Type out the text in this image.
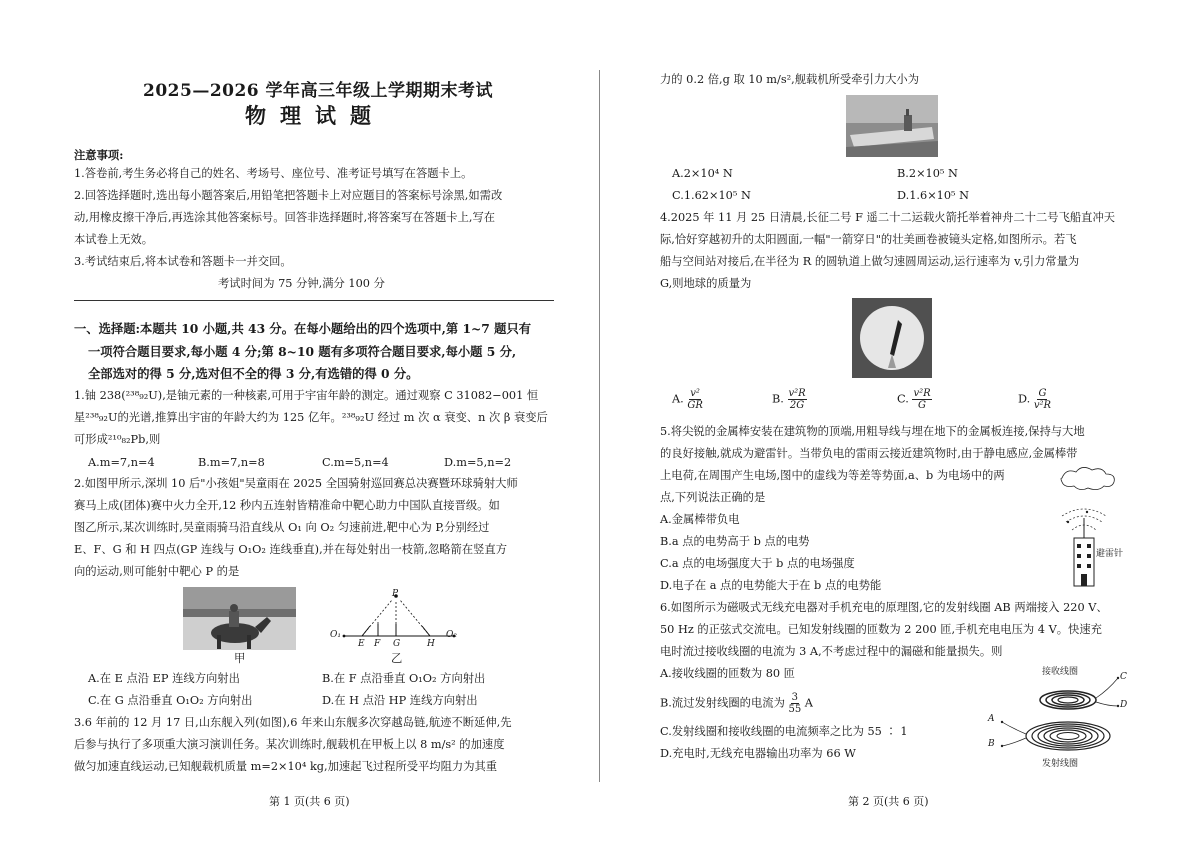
2025—2026 学年高三年级上学期期末考试
物理试题
注意事项:
1.答卷前,考生务必将自己的姓名、考场号、座位号、准考证号填写在答题卡上。
2.回答选择题时,选出每小题答案后,用铅笔把答题卡上对应题目的答案标号涂黑,如需改
动,用橡皮擦干净后,再选涂其他答案标号。回答非选择题时,将答案写在答题卡上,写在
本试卷上无效。
3.考试结束后,将本试卷和答题卡一并交回。
考试时间为 75 分钟,满分 100 分
一、选择题:本题共 10 小题,共 43 分。在每小题给出的四个选项中,第 1~7 题只有
一项符合题目要求,每小题 4 分;第 8~10 题有多项符合题目要求,每小题 5 分,
全部选对的得 5 分,选对但不全的得 3 分,有选错的得 0 分。
1.铀 238(²³⁸₉₂U),是铀元素的一种核素,可用于宇宙年龄的测定。通过观察 C 31082−001 恒
星²³⁸₉₂U的光谱,推算出宇宙的年龄大约为 125 亿年。²³⁸₉₂U 经过 m 次 α 衰变、n 次 β 衰变后
可形成²¹⁰₈₂Pb,则
A.m=7,n=4	B.m=7,n=8	C.m=5,n=4	D.m=5,n=2
2.如图甲所示,深圳 10 后"小孩姐"吴童雨在 2025 全国骑射巡回赛总决赛暨环球骑射大师
赛马上成(团体)赛中火力全开,12 秒内五连射皆精准命中靶心助力中国队直接晋级。如
图乙所示,某次训练时,吴童雨骑马沿直线从 O₁ 向 O₂ 匀速前进,靶中心为 P,分别经过
E、F、G 和 H 四点(GP 连线与 O₁O₂ 连线垂直),并在每处射出一枝箭,忽略箭在竖直方
向的运动,则可能射中靶心 P 的是
甲
P
O₁
E F G	H
O₂
乙
A.在 E 点沿 EP 连线方向射出	B.在 F 点沿垂直 O₁O₂ 方向射出
C.在 G 点沿垂直 O₁O₂ 方向射出	D.在 H 点沿 HP 连线方向射出
3.6 年前的 12 月 17 日,山东舰入列(如图),6 年来山东舰多次穿越岛链,航迹不断延伸,先
后参与执行了多项重大演习演训任务。某次训练时,舰载机在甲板上以 8 m/s² 的加速度
做匀加速直线运动,已知舰载机质量 m=2×10⁴ kg,加速起飞过程所受平均阻力为其重
第 1 页(共 6 页)
力的 0.2 倍,g 取 10 m/s²,舰载机所受牵引力大小为
A.2×10⁴ N	B.2×10⁵ N
C.1.62×10⁵ N	D.1.6×10⁵ N
4.2025 年 11 月 25 日清晨,长征二号 F 遥二十二运载火箭托举着神舟二十二号飞船直冲天
际,恰好穿越初升的太阳圆面,一幅"一箭穿日"的壮美画卷被镜头定格,如图所示。若飞
船与空间站对接后,在半径为 R 的圆轨道上做匀速圆周运动,运行速率为 v,引力常量为
G,则地球的质量为
A. $\frac{\text{v²}}{GR}$	B. $\frac{\text{v²R}}{2G}$	C. $\frac{\text{v²R}}{G}$	D. $\frac{G}{\text{v²R}}$
5.将尖锐的金属棒安装在建筑物的顶端,用粗导线与埋在地下的金属板连接,保持与大地
的良好接触,就成为避雷针。当带负电的雷雨云接近建筑物时,由于静电感应,金属棒带
上电荷,在周围产生电场,图中的虚线为等差等势面,a、b 为电场中的两
点,下列说法正确的是
A.金属棒带负电
B.a 点的电势高于 b 点的电势
C.a 点的电场强度大于 b 点的电场强度
D.电子在 a 点的电势能大于在 b 点的电势能
避雷针
6.如图所示为磁吸式无线充电器对手机充电的原理图,它的发射线圈 AB 两端接入 220 V、
50 Hz 的正弦式交流电。已知发射线圈的匝数为 2 200 匝,手机充电电压为 4 V。快速充
电时流过接收线圈的电流为 3 A,不考虑过程中的漏磁和能量损失。则
A.接收线圈的匝数为 80 匝
B.流过发射线圈的电流为 $\frac{3}{55}$ A
C.发射线圈和接收线圈的电流频率之比为 55 ∶ 1
D.充电时,无线充电器输出功率为 66 W
接收线圈	C
D
A
B
发射线圈
第 2 页(共 6 页)
